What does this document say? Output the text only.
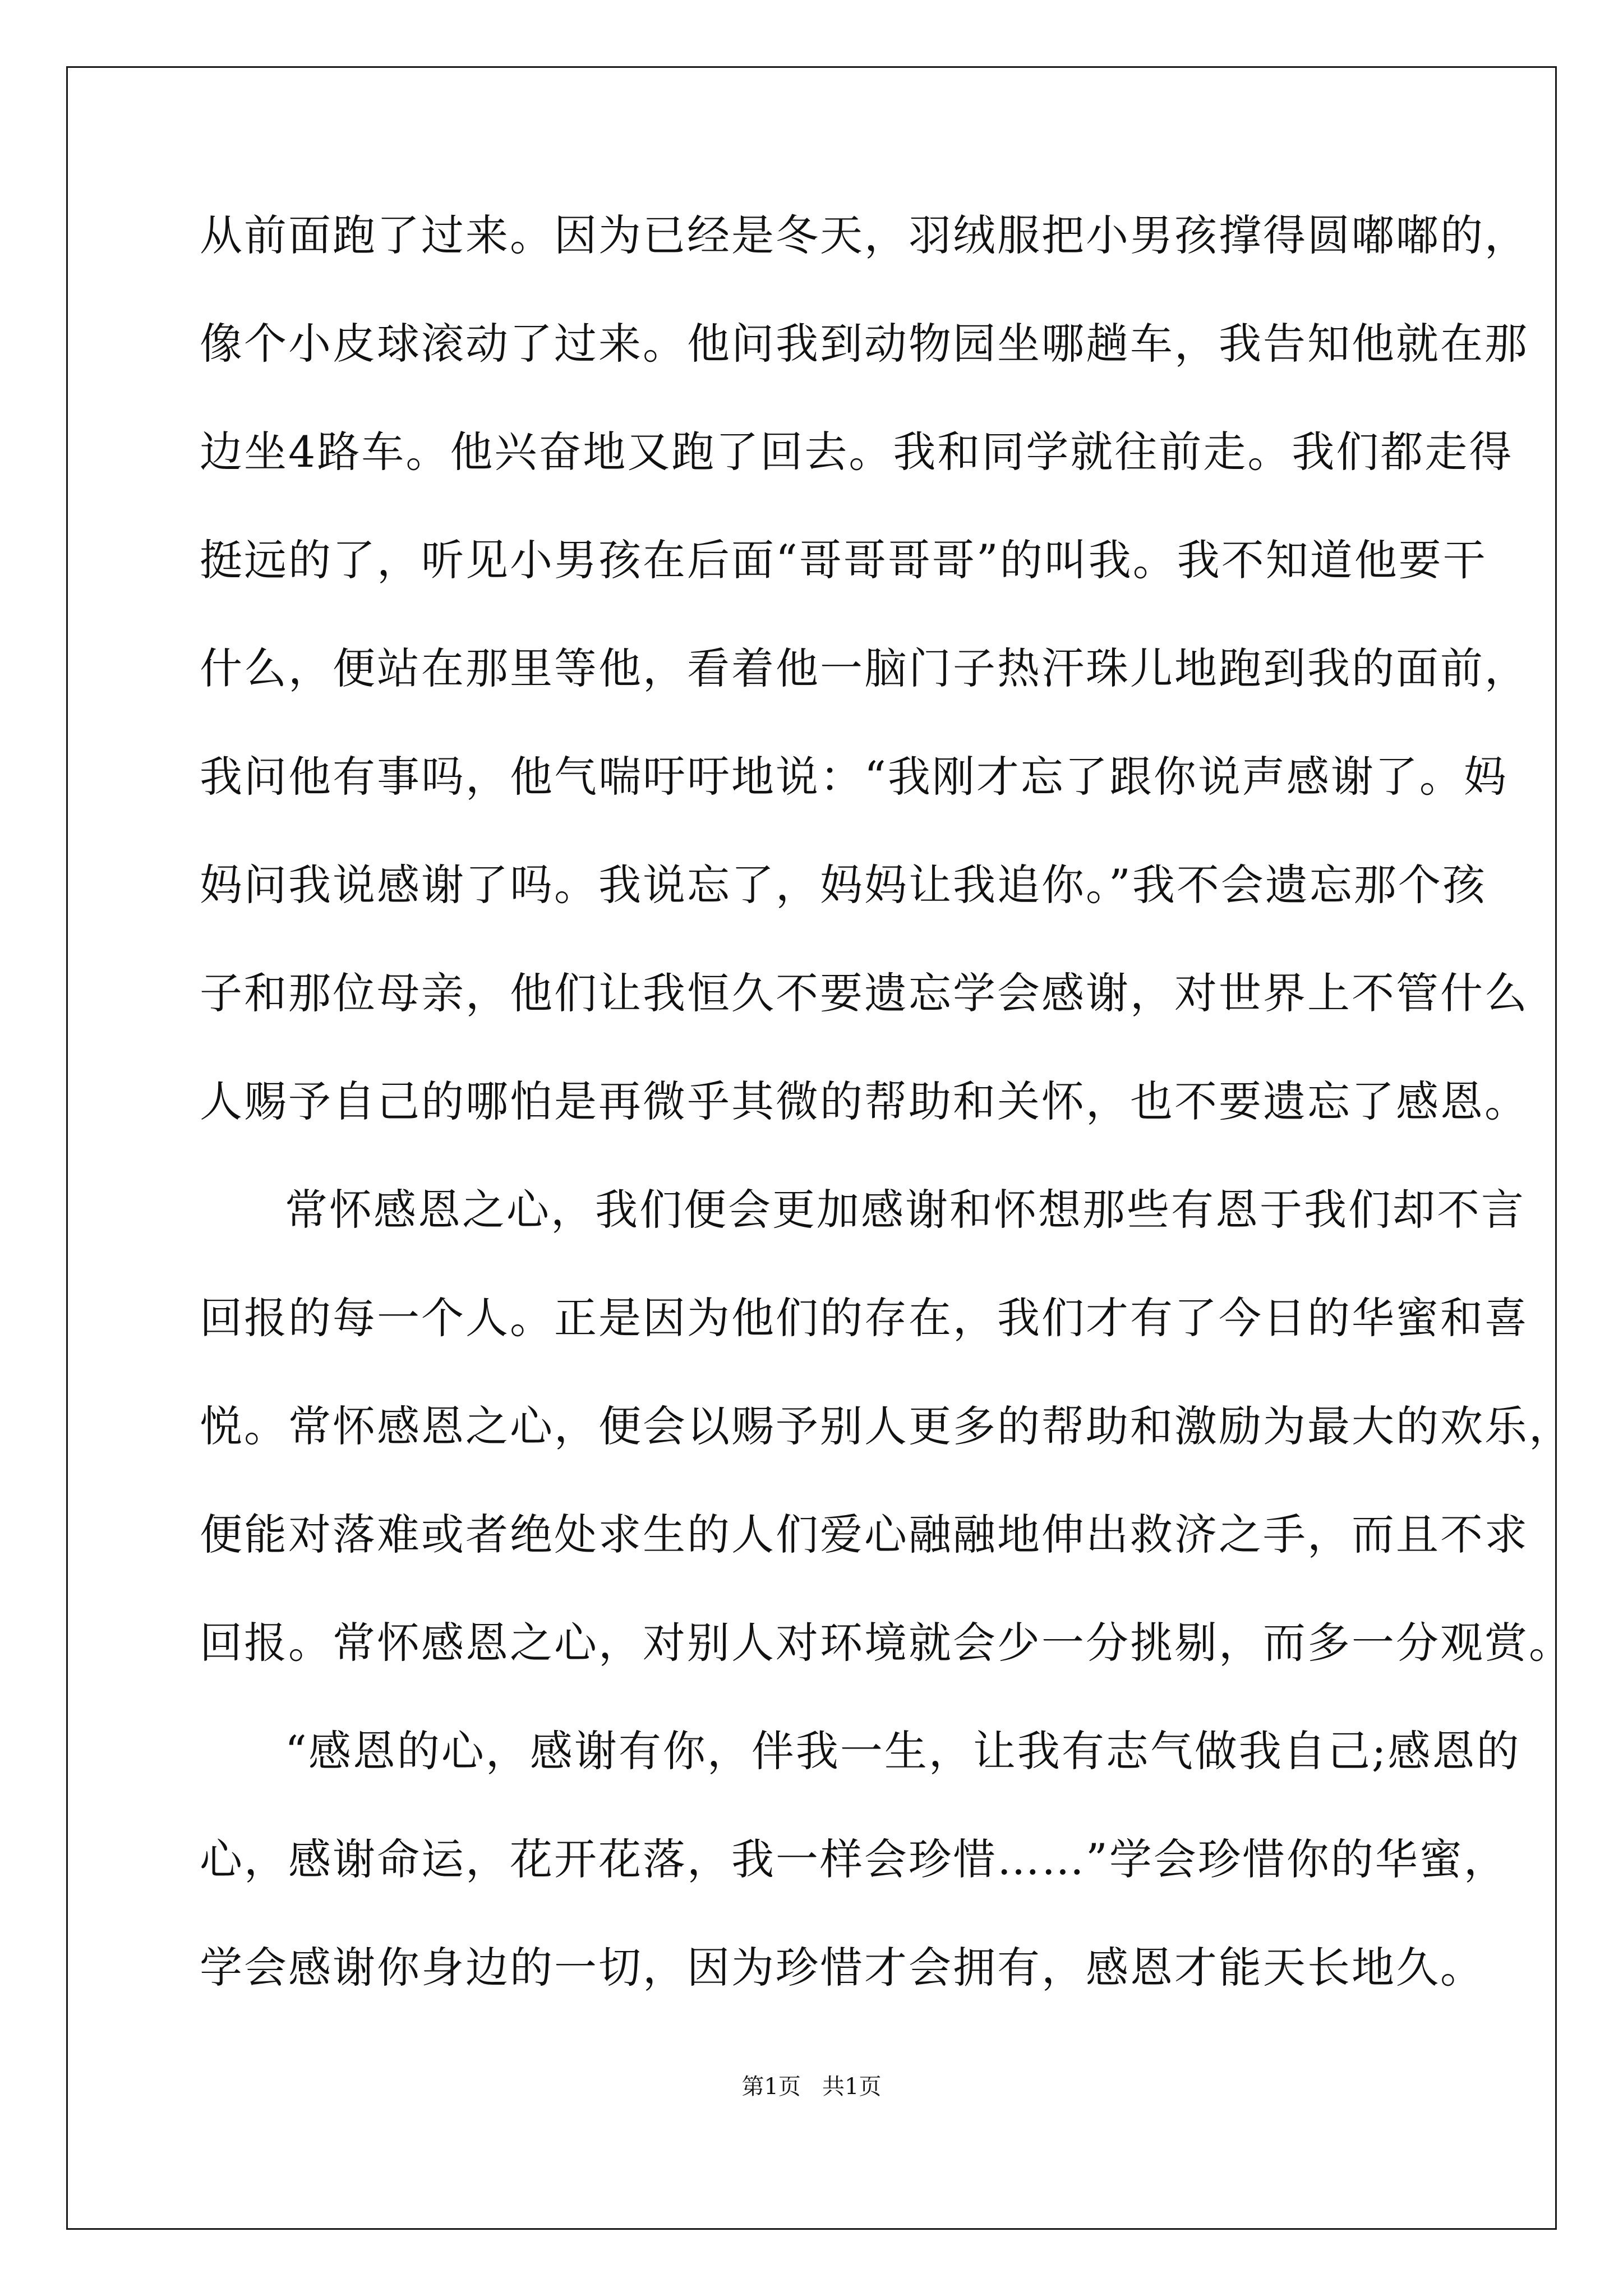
从前面跑了过来。因为已经是冬天，羽绒服把小男孩撑得圆嘟嘟的，
像个小皮球滚动了过来。他问我到动物园坐哪趟车，我告知他就在那
边坐4路车。他兴奋地又跑了回去。我和同学就往前走。我们都走得
挺远的了，听见小男孩在后面“哥哥哥哥”的叫我。我不知道他要干
什么，便站在那里等他，看着他一脑门子热汗珠儿地跑到我的面前，
我问他有事吗，他气喘吁吁地说：“我刚才忘了跟你说声感谢了。妈
妈问我说感谢了吗。我说忘了，妈妈让我追你。”我不会遗忘那个孩
子和那位母亲，他们让我恒久不要遗忘学会感谢，对世界上不管什么
人赐予自己的哪怕是再微乎其微的帮助和关怀，也不要遗忘了感恩。
常怀感恩之心，我们便会更加感谢和怀想那些有恩于我们却不言
回报的每一个人。正是因为他们的存在，我们才有了今日的华蜜和喜
悦。常怀感恩之心，便会以赐予别人更多的帮助和激励为最大的欢乐，
便能对落难或者绝处求生的人们爱心融融地伸出救济之手，而且不求
回报。常怀感恩之心，对别人对环境就会少一分挑剔，而多一分观赏。
“感恩的心，感谢有你，伴我一生，让我有志气做我自己;感恩的
心，感谢命运，花开花落，我一样会珍惜……”学会珍惜你的华蜜，
学会感谢你身边的一切，因为珍惜才会拥有，感恩才能天长地久。
第1页   共1页
